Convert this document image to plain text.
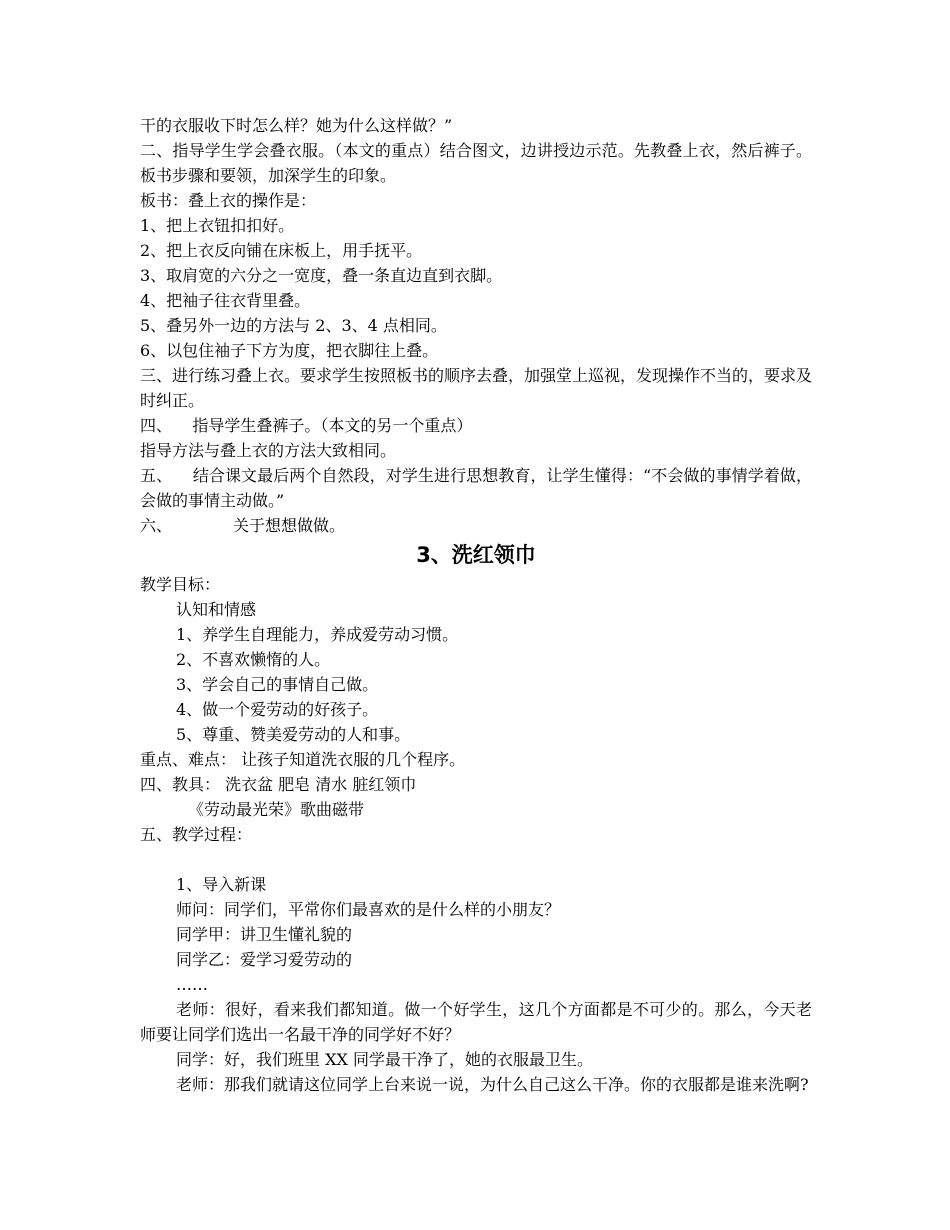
干的衣服收下时怎么样？她为什么这样做？”

二、指导学生学会叠衣服。（本文的重点）结合图文，边讲授边示范。先教叠上衣，然后裤子。板书步骤和要领，加深学生的印象。

板书：叠上衣的操作是：

1、把上衣钮扣扣好。

2、把上衣反向铺在床板上，用手抚平。

3、取肩宽的六分之一宽度，叠一条直边直到衣脚。

4、把袖子往衣背里叠。

5、叠另外一边的方法与 2、3、4 点相同。

6、以包住袖子下方为度，把衣脚往上叠。

三、进行练习叠上衣。要求学生按照板书的顺序去叠，加强堂上巡视，发现操作不当的，要求及时纠正。

四、    指导学生叠裤子。（本文的另一个重点）

指导方法与叠上衣的方法大致相同。

五、    结合课文最后两个自然段，对学生进行思想教育，让学生懂得：“不会做的事情学着做，会做的事情主动做。”

六、            关于想想做做。

3、洗红领巾

教学目标：

认知和情感

1、养学生自理能力，养成爱劳动习惯。

2、不喜欢懒惰的人。

3、学会自己的事情自己做。

4、做一个爱劳动的好孩子。

5、尊重、赞美爱劳动的人和事。

重点、难点： 让孩子知道洗衣服的几个程序。

四、教具： 洗衣盆 肥皂 清水 脏红领巾

《劳动最光荣》歌曲磁带

五、教学过程：

1、导入新课

师问：同学们，平常你们最喜欢的是什么样的小朋友？

同学甲：讲卫生懂礼貌的

同学乙：爱学习爱劳动的

……

老师：很好，看来我们都知道。做一个好学生，这几个方面都是不可少的。那么，今天老师要让同学们选出一名最干净的同学好不好？

同学：好，我们班里 XX 同学最干净了，她的衣服最卫生。

老师：那我们就请这位同学上台来说一说，为什么自己这么干净。你的衣服都是谁来洗啊?
